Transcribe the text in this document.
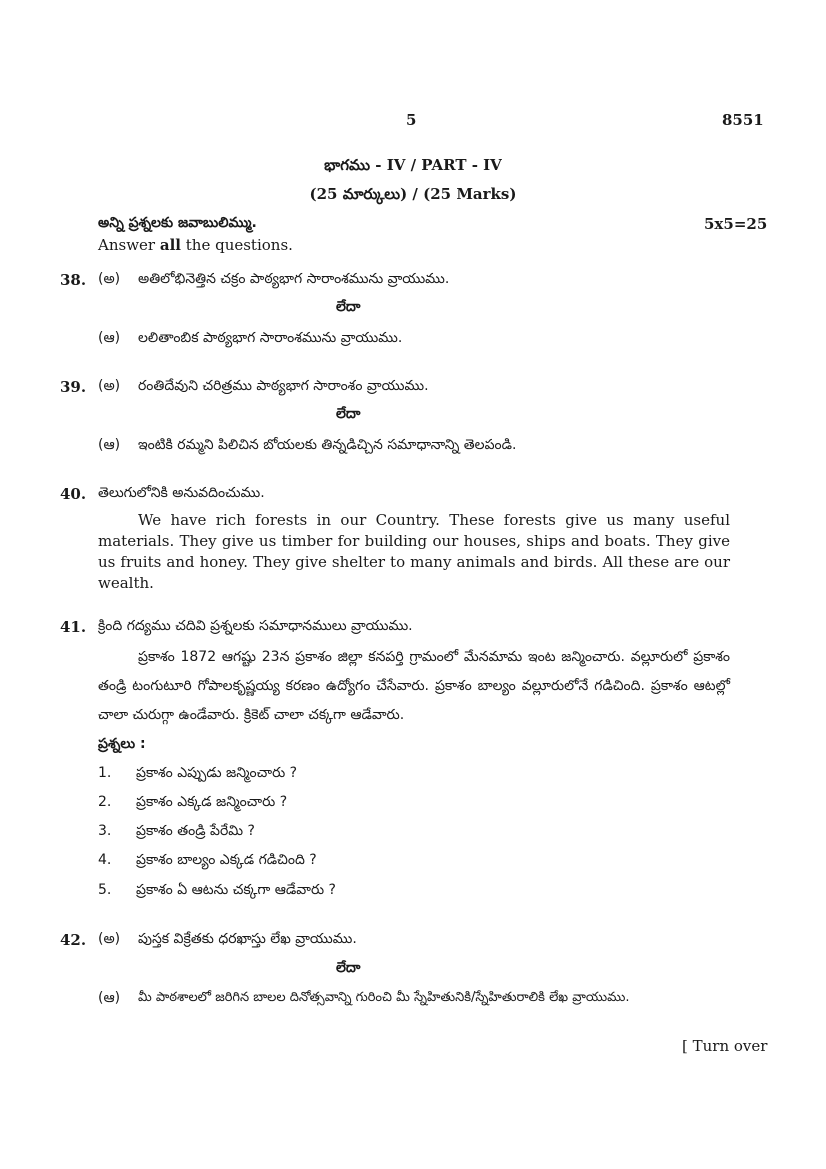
5	8551
భాగము - IV / PART - IV
(25 మార్కులు) / (25 Marks)
అన్ని ప్రశ్నలకు జవాబులిమ్ము.	5x5=25
Answer all the questions.
38. (అ) అతిలోభినెత్తిన చక్రం పాఠ్యభాగ సారాంశమును వ్రాయుము.
లేదా
(ఆ) లలితాంబిక పాఠ్యభాగ సారాంశమును వ్రాయుము.
39. (అ) రంతిదేవుని చరిత్రము పాఠ్యభాగ సారాంశం వ్రాయుము.
లేదా
(ఆ) ఇంటికి రమ్మని పిలిచిన బోయలకు తిన్నడిచ్చిన సమాధానాన్ని తెలపండి.
40. తెలుగులోనికి అనువదించుము.
We have rich forests in our Country. These forests give us many useful materials. They give us timber for building our houses, ships and boats. They give us fruits and honey. They give shelter to many animals and birds. All these are our wealth.
41. క్రింది గద్యము చదివి ప్రశ్నలకు సమాధానములు వ్రాయుము.
ప్రకాశం 1872 ఆగష్టు 23న ప్రకాశం జిల్లా కనపర్తి గ్రామంలో మేనమామ ఇంట జన్మించారు. వల్లూరులో ప్రకాశం తండ్రి టంగుటూరి గోపాలకృష్ణయ్య కరణం ఉద్యోగం చేసేవారు. ప్రకాశం బాల్యం వల్లూరులోనే గడిచింది. ప్రకాశం ఆటల్లో చాలా చురుగ్గా ఉండేవారు. క్రికెట్ చాలా చక్కగా ఆడేవారు.
ప్రశ్నలు :
1. ప్రకాశం ఎప్పుడు జన్మించారు ?
2. ప్రకాశం ఎక్కడ జన్మించారు ?
3. ప్రకాశం తండ్రి పేరేమి ?
4. ప్రకాశం బాల్యం ఎక్కడ గడిచింది ?
5. ప్రకాశం ఏ ఆటను చక్కగా ఆడేవారు ?
42. (అ) పుస్తక విక్రేతకు ధరఖాస్తు లేఖ వ్రాయుము.
లేదా
(ఆ) మీ పాఠశాలలో జరిగిన బాలల దినోత్సవాన్ని గురించి మీ స్నేహితునికి/స్నేహితురాలికి లేఖ వ్రాయుము.
[ Turn over
